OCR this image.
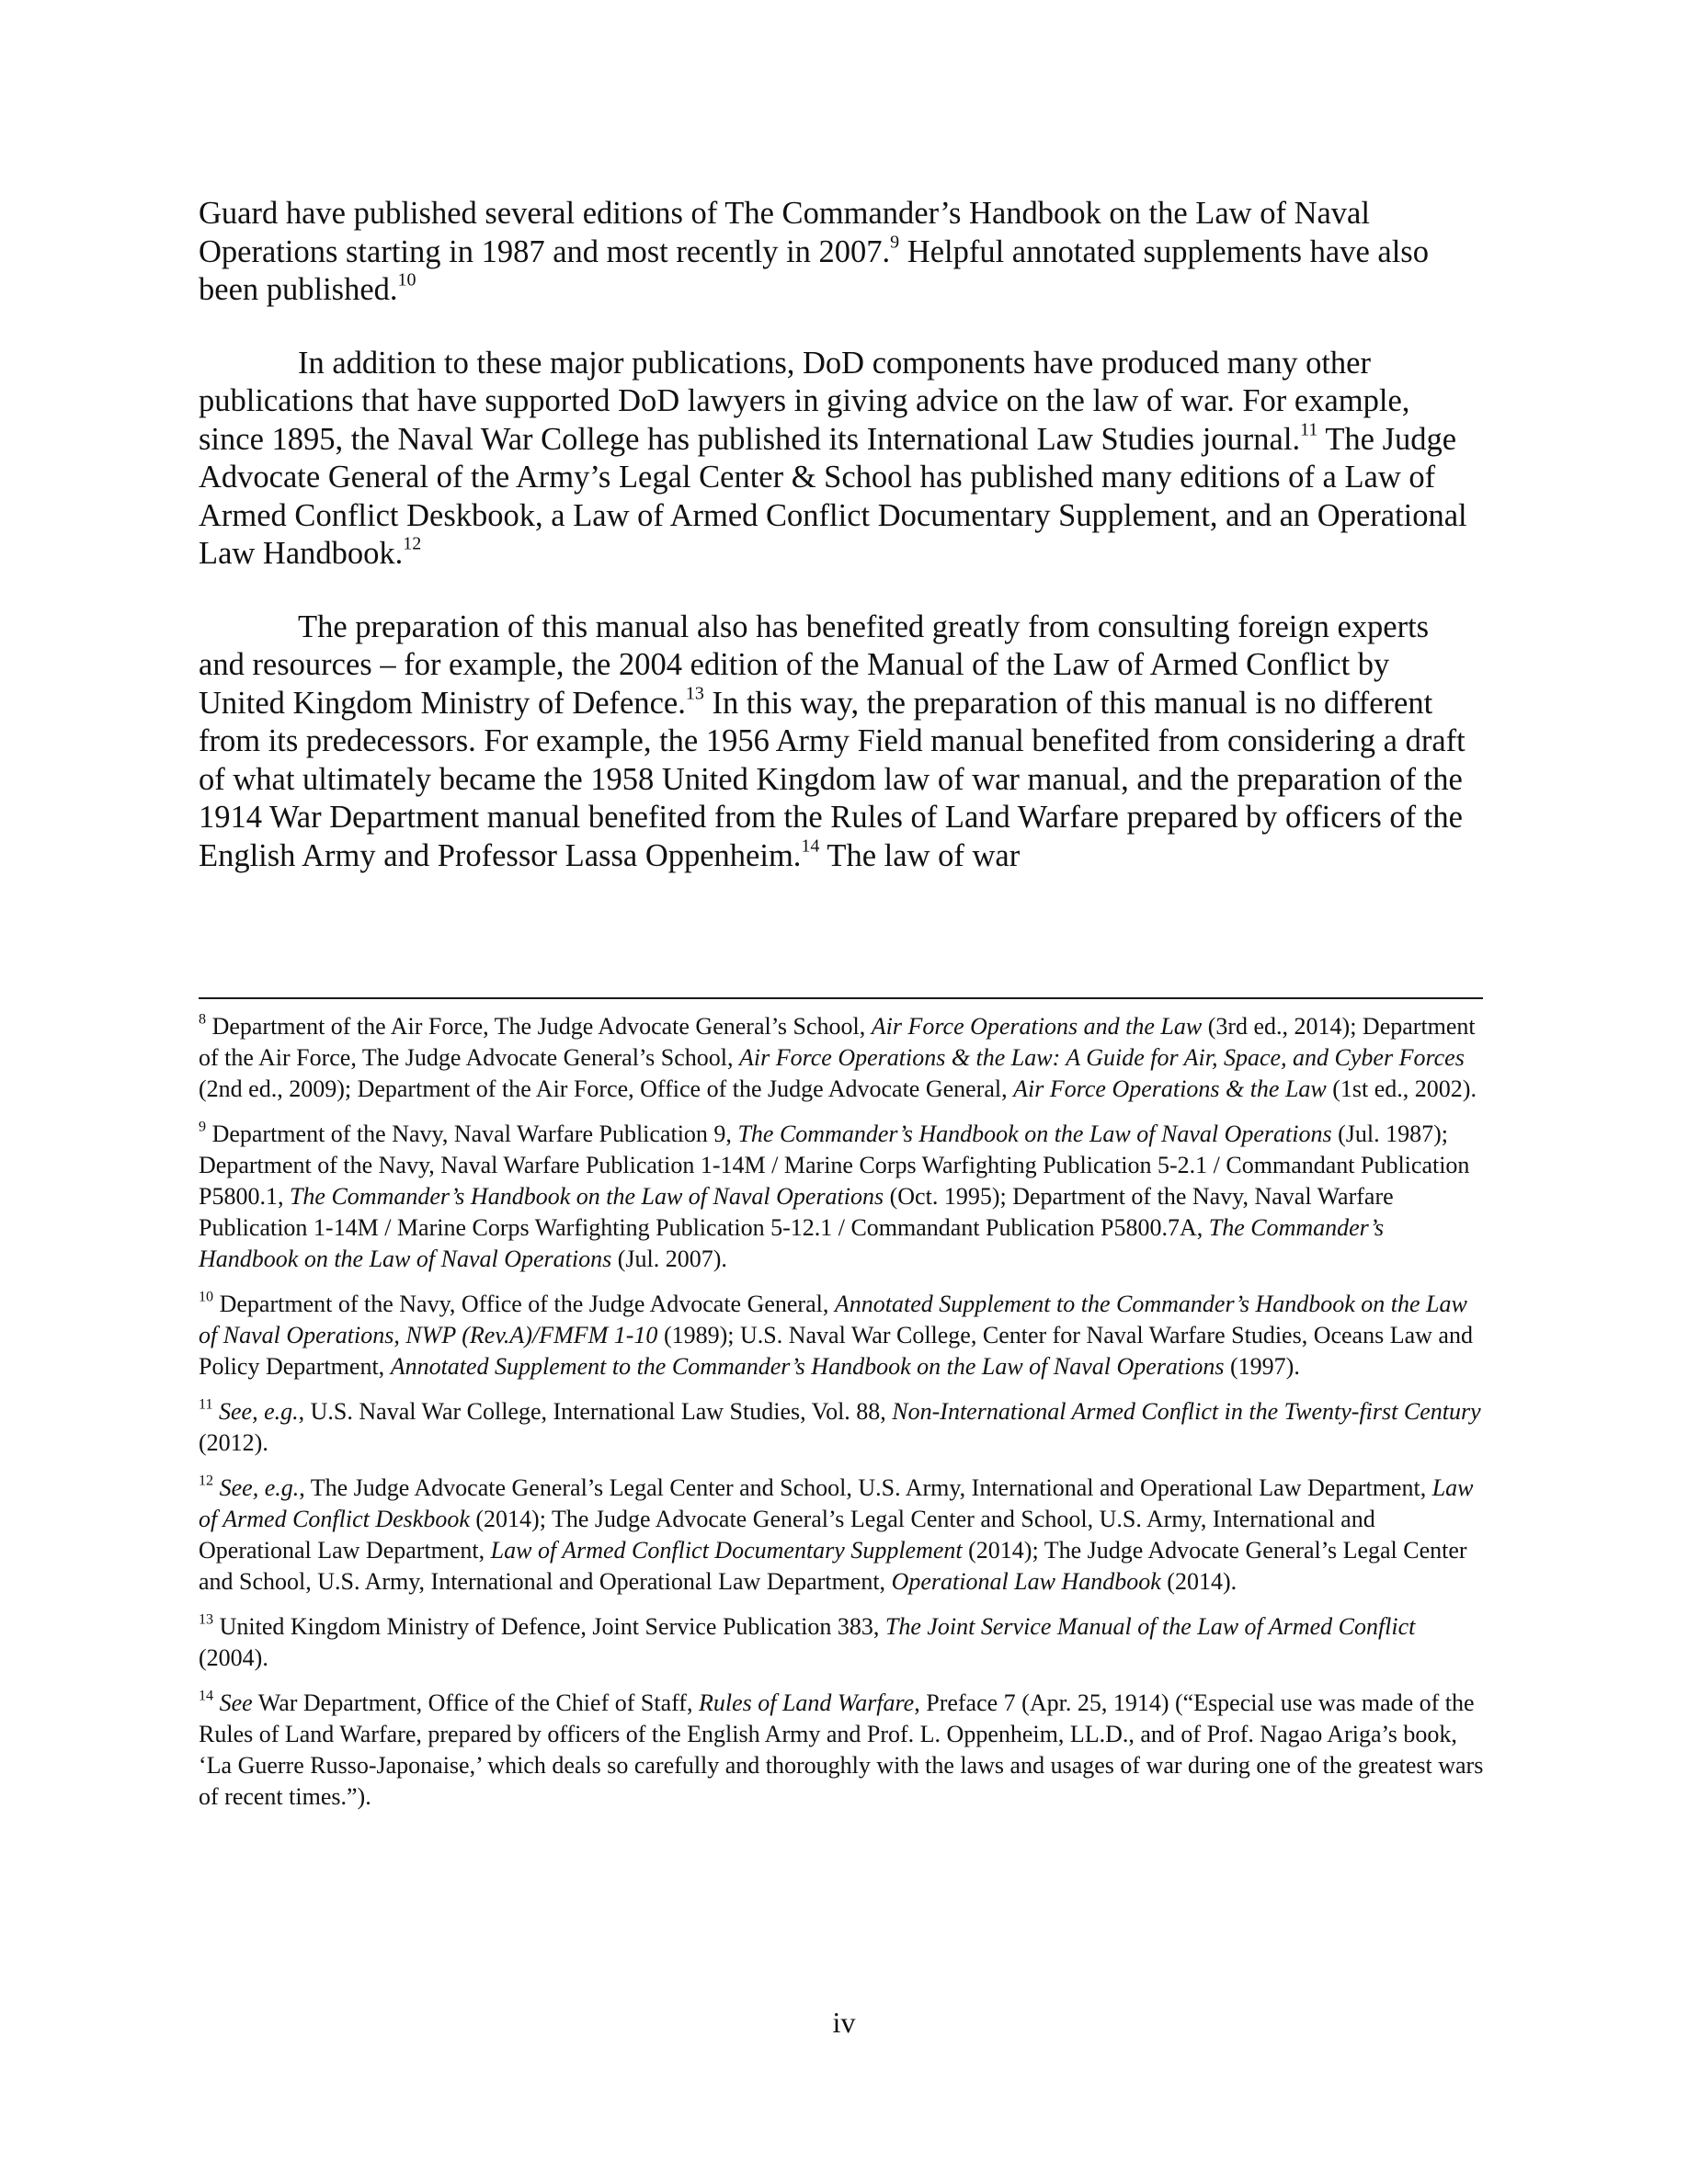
Guard have published several editions of The Commander’s Handbook on the Law of Naval Operations starting in 1987 and most recently in 2007.$^9$ Helpful annotated supplements have also been published.$^{10}$

In addition to these major publications, DoD components have produced many other publications that have supported DoD lawyers in giving advice on the law of war. For example, since 1895, the Naval War College has published its International Law Studies journal.$^{11}$ The Judge Advocate General of the Army’s Legal Center & School has published many editions of a Law of Armed Conflict Deskbook, a Law of Armed Conflict Documentary Supplement, and an Operational Law Handbook.$^{12}$

The preparation of this manual also has benefited greatly from consulting foreign experts and resources – for example, the 2004 edition of the Manual of the Law of Armed Conflict by United Kingdom Ministry of Defence.$^{13}$ In this way, the preparation of this manual is no different from its predecessors. For example, the 1956 Army Field manual benefited from considering a draft of what ultimately became the 1958 United Kingdom law of war manual, and the preparation of the 1914 War Department manual benefited from the Rules of Land Warfare prepared by officers of the English Army and Professor Lassa Oppenheim.$^{14}$ The law of war

$^8$ Department of the Air Force, The Judge Advocate General’s School, Air Force Operations and the Law (3rd ed., 2014); Department of the Air Force, The Judge Advocate General’s School, Air Force Operations & the Law: A Guide for Air, Space, and Cyber Forces (2nd ed., 2009); Department of the Air Force, Office of the Judge Advocate General, Air Force Operations & the Law (1st ed., 2002).

$^9$ Department of the Navy, Naval Warfare Publication 9, The Commander’s Handbook on the Law of Naval Operations (Jul. 1987); Department of the Navy, Naval Warfare Publication 1-14M / Marine Corps Warfighting Publication 5-2.1 / Commandant Publication P5800.1, The Commander’s Handbook on the Law of Naval Operations (Oct. 1995); Department of the Navy, Naval Warfare Publication 1-14M / Marine Corps Warfighting Publication 5-12.1 / Commandant Publication P5800.7A, The Commander’s Handbook on the Law of Naval Operations (Jul. 2007).

$^{10}$ Department of the Navy, Office of the Judge Advocate General, Annotated Supplement to the Commander’s Handbook on the Law of Naval Operations, NWP (Rev.A)/FMFM 1-10 (1989); U.S. Naval War College, Center for Naval Warfare Studies, Oceans Law and Policy Department, Annotated Supplement to the Commander’s Handbook on the Law of Naval Operations (1997).

$^{11}$ See, e.g., U.S. Naval War College, International Law Studies, Vol. 88, Non-International Armed Conflict in the Twenty-first Century (2012).

$^{12}$ See, e.g., The Judge Advocate General’s Legal Center and School, U.S. Army, International and Operational Law Department, Law of Armed Conflict Deskbook (2014); The Judge Advocate General’s Legal Center and School, U.S. Army, International and Operational Law Department, Law of Armed Conflict Documentary Supplement (2014); The Judge Advocate General’s Legal Center and School, U.S. Army, International and Operational Law Department, Operational Law Handbook (2014).

$^{13}$ United Kingdom Ministry of Defence, Joint Service Publication 383, The Joint Service Manual of the Law of Armed Conflict (2004).

$^{14}$ See War Department, Office of the Chief of Staff, Rules of Land Warfare, Preface 7 (Apr. 25, 1914) (“Especial use was made of the Rules of Land Warfare, prepared by officers of the English Army and Prof. L. Oppenheim, LL.D., and of Prof. Nagao Ariga’s book, ‘La Guerre Russo-Japonaise,’ which deals so carefully and thoroughly with the laws and usages of war during one of the greatest wars of recent times.”).

iv
